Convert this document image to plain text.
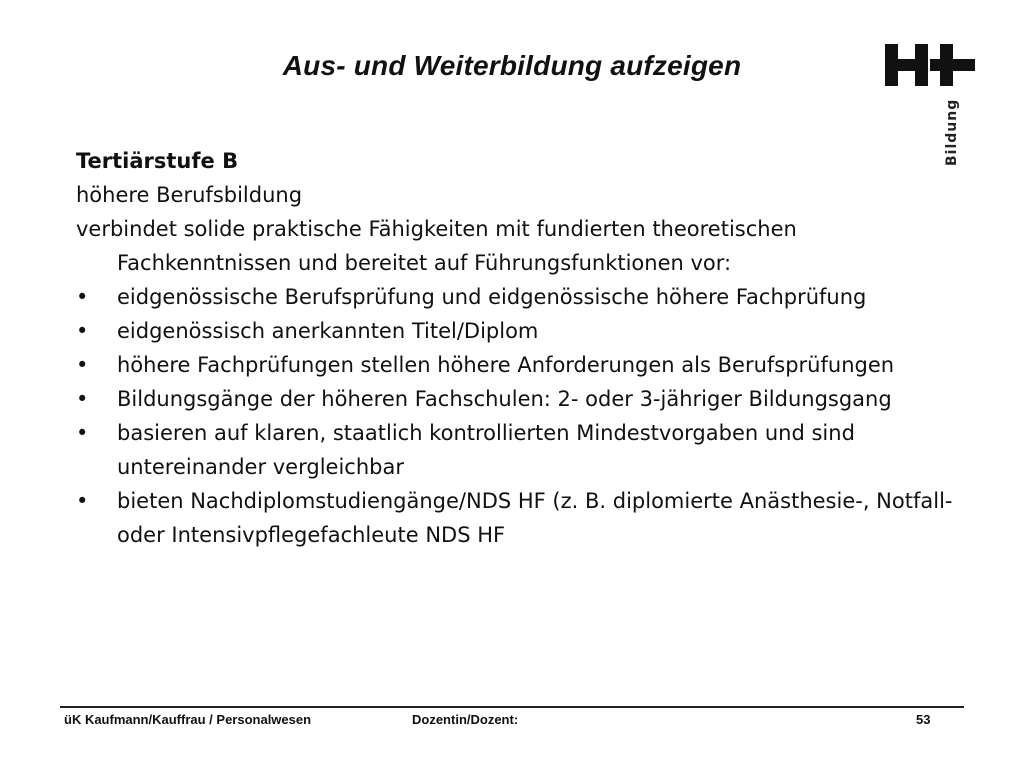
Aus- und Weiterbildung aufzeigen
Bildung

Tertiärstufe B

höhere Berufsbildung

verbindet solide praktische Fähigkeiten mit fundierten theoretischen Fachkenntnissen und bereitet auf Führungsfunktionen vor:

• eidgenössische Berufsprüfung und eidgenössische höhere Fachprüfung
• eidgenössisch anerkannten Titel/Diplom
• höhere Fachprüfungen stellen höhere Anforderungen als Berufsprüfungen
• Bildungsgänge der höheren Fachschulen: 2- oder 3-jähriger Bildungsgang
• basieren auf klaren, staatlich kontrollierten Mindestvorgaben und sind untereinander vergleichbar
• bieten Nachdiplomstudiengänge/NDS HF (z. B. diplomierte Anästhesie-, Notfall- oder Intensivpflegefachleute NDS HF
üK Kaufmann/Kauffrau / Personalwesen	Dozentin/Dozent:	53
